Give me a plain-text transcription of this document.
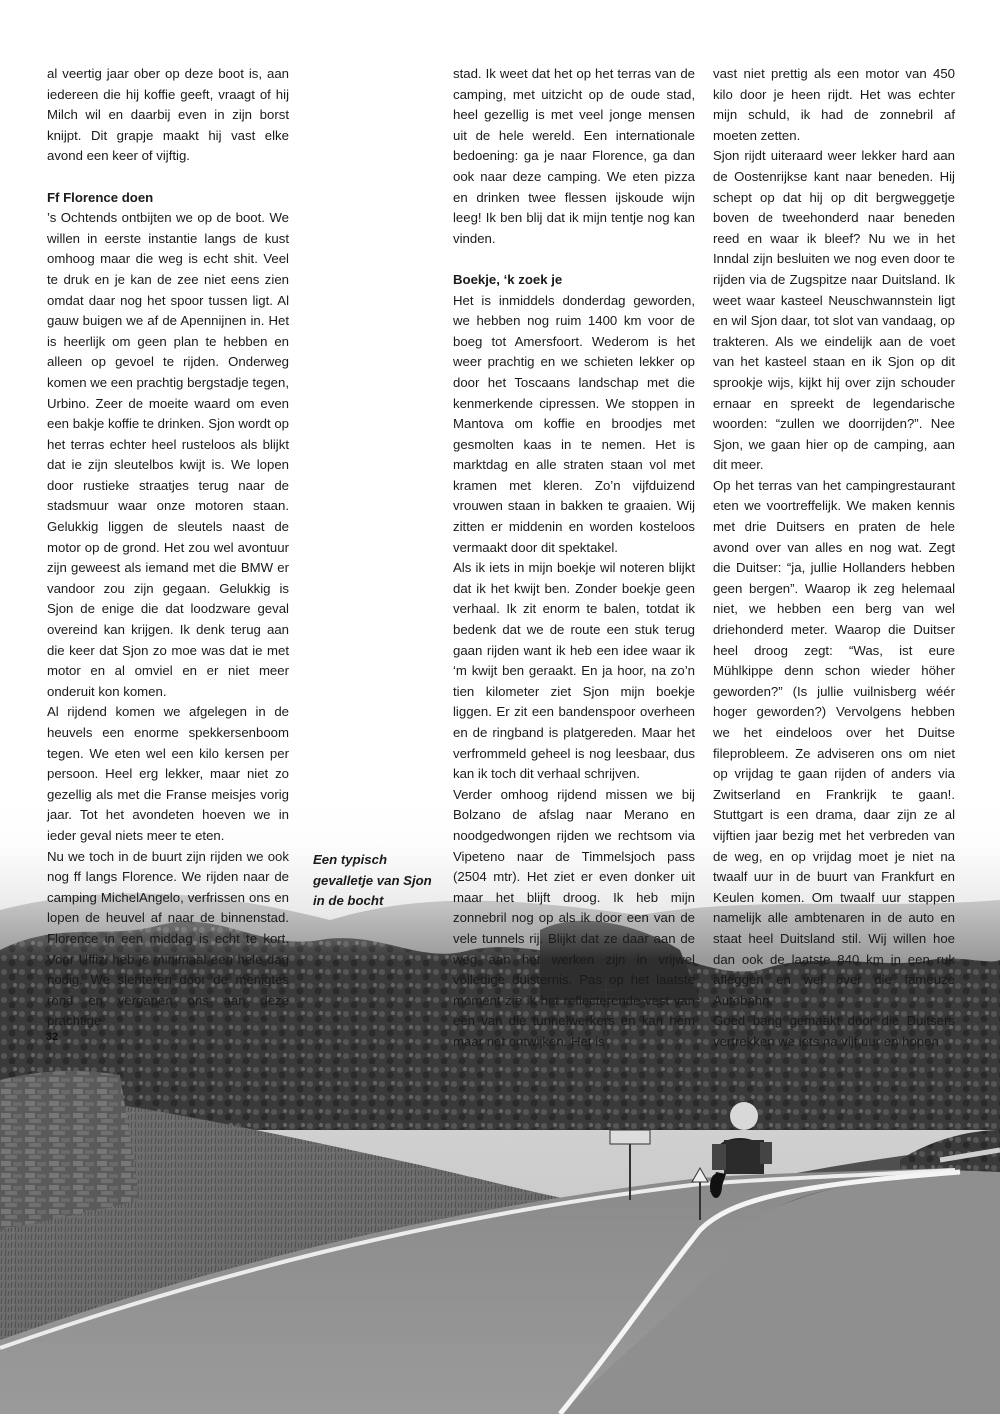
al veertig jaar ober op deze boot is, aan iedereen die hij koffie geeft, vraagt of hij Milch wil en daarbij even in zijn borst knijpt. Dit grapje maakt hij vast elke avond een keer of vijftig.

Ff Florence doen

’s Ochtends ontbijten we op de boot. We willen in eerste instantie langs de kust omhoog maar die weg is echt shit. Veel te druk en je kan de zee niet eens zien omdat daar nog het spoor tussen ligt. Al gauw buigen we af de Apennijnen in. Het is heerlijk om geen plan te hebben en alleen op gevoel te rijden. Onderweg komen we een prachtig bergstadje tegen, Urbino. Zeer de moeite waard om even een bakje koffie te drinken. Sjon wordt op het terras echter heel rusteloos als blijkt dat ie zijn sleutelbos kwijt is. We lopen door rustieke straatjes terug naar de stadsmuur waar onze motoren staan. Gelukkig liggen de sleutels naast de motor op de grond. Het zou wel avontuur zijn geweest als iemand met die BMW er vandoor zou zijn gegaan. Gelukkig is Sjon de enige die dat loodzware geval overeind kan krijgen. Ik denk terug aan die keer dat Sjon zo moe was dat ie met motor en al omviel en er niet meer onderuit kon komen.

Al rijdend komen we afgelegen in de heuvels een enorme spekkersenboom tegen. We eten wel een kilo kersen per persoon. Heel erg lekker, maar niet zo gezellig als met die Franse meisjes vorig jaar. Tot het avondeten hoeven we in ieder geval niets meer te eten.

Nu we toch in de buurt zijn rijden we ook nog ff langs Florence. We rijden naar de camping MichelAngelo, verfrissen ons en lopen de heuvel af naar de binnenstad. Florence in een middag is echt te kort. Voor Uffizi heb je minimaal een hele dag nodig. We slenteren door de menigtes rond en vergapen ons aan deze prachtige

Een typisch gevalletje van Sjon in de bocht

stad. Ik weet dat het op het terras van de camping, met uitzicht op de oude stad, heel gezellig is met veel jonge mensen uit de hele wereld. Een internationale bedoening: ga je naar Florence, ga dan ook naar deze camping. We eten pizza en drinken twee flessen ijskoude wijn leeg! Ik ben blij dat ik mijn tentje nog kan vinden.

Boekje, ‘k zoek je

Het is inmiddels donderdag geworden, we hebben nog ruim 1400 km voor de boeg tot Amersfoort. Wederom is het weer prachtig en we schieten lekker op door het Toscaans landschap met die kenmerkende cipressen. We stoppen in Mantova om koffie en broodjes met gesmolten kaas in te nemen. Het is marktdag en alle straten staan vol met kramen met kleren. Zo’n vijfduizend vrouwen staan in bakken te graaien. Wij zitten er middenin en worden kosteloos vermaakt door dit spektakel.

Als ik iets in mijn boekje wil noteren blijkt dat ik het kwijt ben. Zonder boekje geen verhaal. Ik zit enorm te balen, totdat ik bedenk dat we de route een stuk terug gaan rijden want ik heb een idee waar ik ‘m kwijt ben geraakt. En ja hoor, na zo’n tien kilometer ziet Sjon mijn boekje liggen. Er zit een bandenspoor overheen en de ringband is platgereden. Maar het verfrommeld geheel is nog leesbaar, dus kan ik toch dit verhaal schrijven.

Verder omhoog rijdend missen we bij Bolzano de afslag naar Merano en noodgedwongen rijden we rechtsom via Vipeteno naar de Timmelsjoch pass (2504 mtr). Het ziet er even donker uit maar het blijft droog. Ik heb mijn zonnebril nog op als ik door een van de vele tunnels rij. Blijkt dat ze daar aan de weg aan het werken zijn in vrijwel volledige duisternis. Pas op het laatste moment zie ik het reflecterende vest van een van die tunnelwerkers en kan hem maar net ontwijken. Het is

vast niet prettig als een motor van 450 kilo door je heen rijdt. Het was echter mijn schuld, ik had de zonnebril af moeten zetten.

Sjon rijdt uiteraard weer lekker hard aan de Oostenrijkse kant naar beneden. Hij schept op dat hij op dit bergweggetje boven de tweehonderd naar beneden reed en waar ik bleef? Nu we in het Inndal zijn besluiten we nog even door te rijden via de Zugspitze naar Duitsland. Ik weet waar kasteel Neuschwannstein ligt en wil Sjon daar, tot slot van vandaag, op trakteren. Als we eindelijk aan de voet van het kasteel staan en ik Sjon op dit sprookje wijs, kijkt hij over zijn schouder ernaar en spreekt de legendarische woorden: “zullen we doorrijden?”. Nee Sjon, we gaan hier op de camping, aan dit meer.

Op het terras van het campingrestaurant eten we voortreffelijk. We maken kennis met drie Duitsers en praten de hele avond over van alles en nog wat. Zegt die Duitser: “ja, jullie Hollanders hebben geen bergen”. Waarop ik zeg helemaal niet, we hebben een berg van wel driehonderd meter. Waarop die Duitser heel droog zegt: “Was, ist eure Mühlkippe denn schon wieder höher geworden?” (Is jullie vuilnisberg wéér hoger geworden?) Vervolgens hebben we het eindeloos over het Duitse fileprobleem. Ze adviseren ons om niet op vrijdag te gaan rijden of anders via Zwitserland en Frankrijk te gaan!. Stuttgart is een drama, daar zijn ze al vijftien jaar bezig met het verbreden van de weg, en op vrijdag moet je niet na twaalf uur in de buurt van Frankfurt en Keulen komen. Om twaalf uur stappen namelijk alle ambtenaren in de auto en staat heel Duitsland stil. Wij willen hoe dan ook de laatste 840 km in een ruk afleggen en wel over die fameuze Autobahn.

Goed bang gemaakt door die Duitsers vertrekken we iets na vijf uur en hopen

32
